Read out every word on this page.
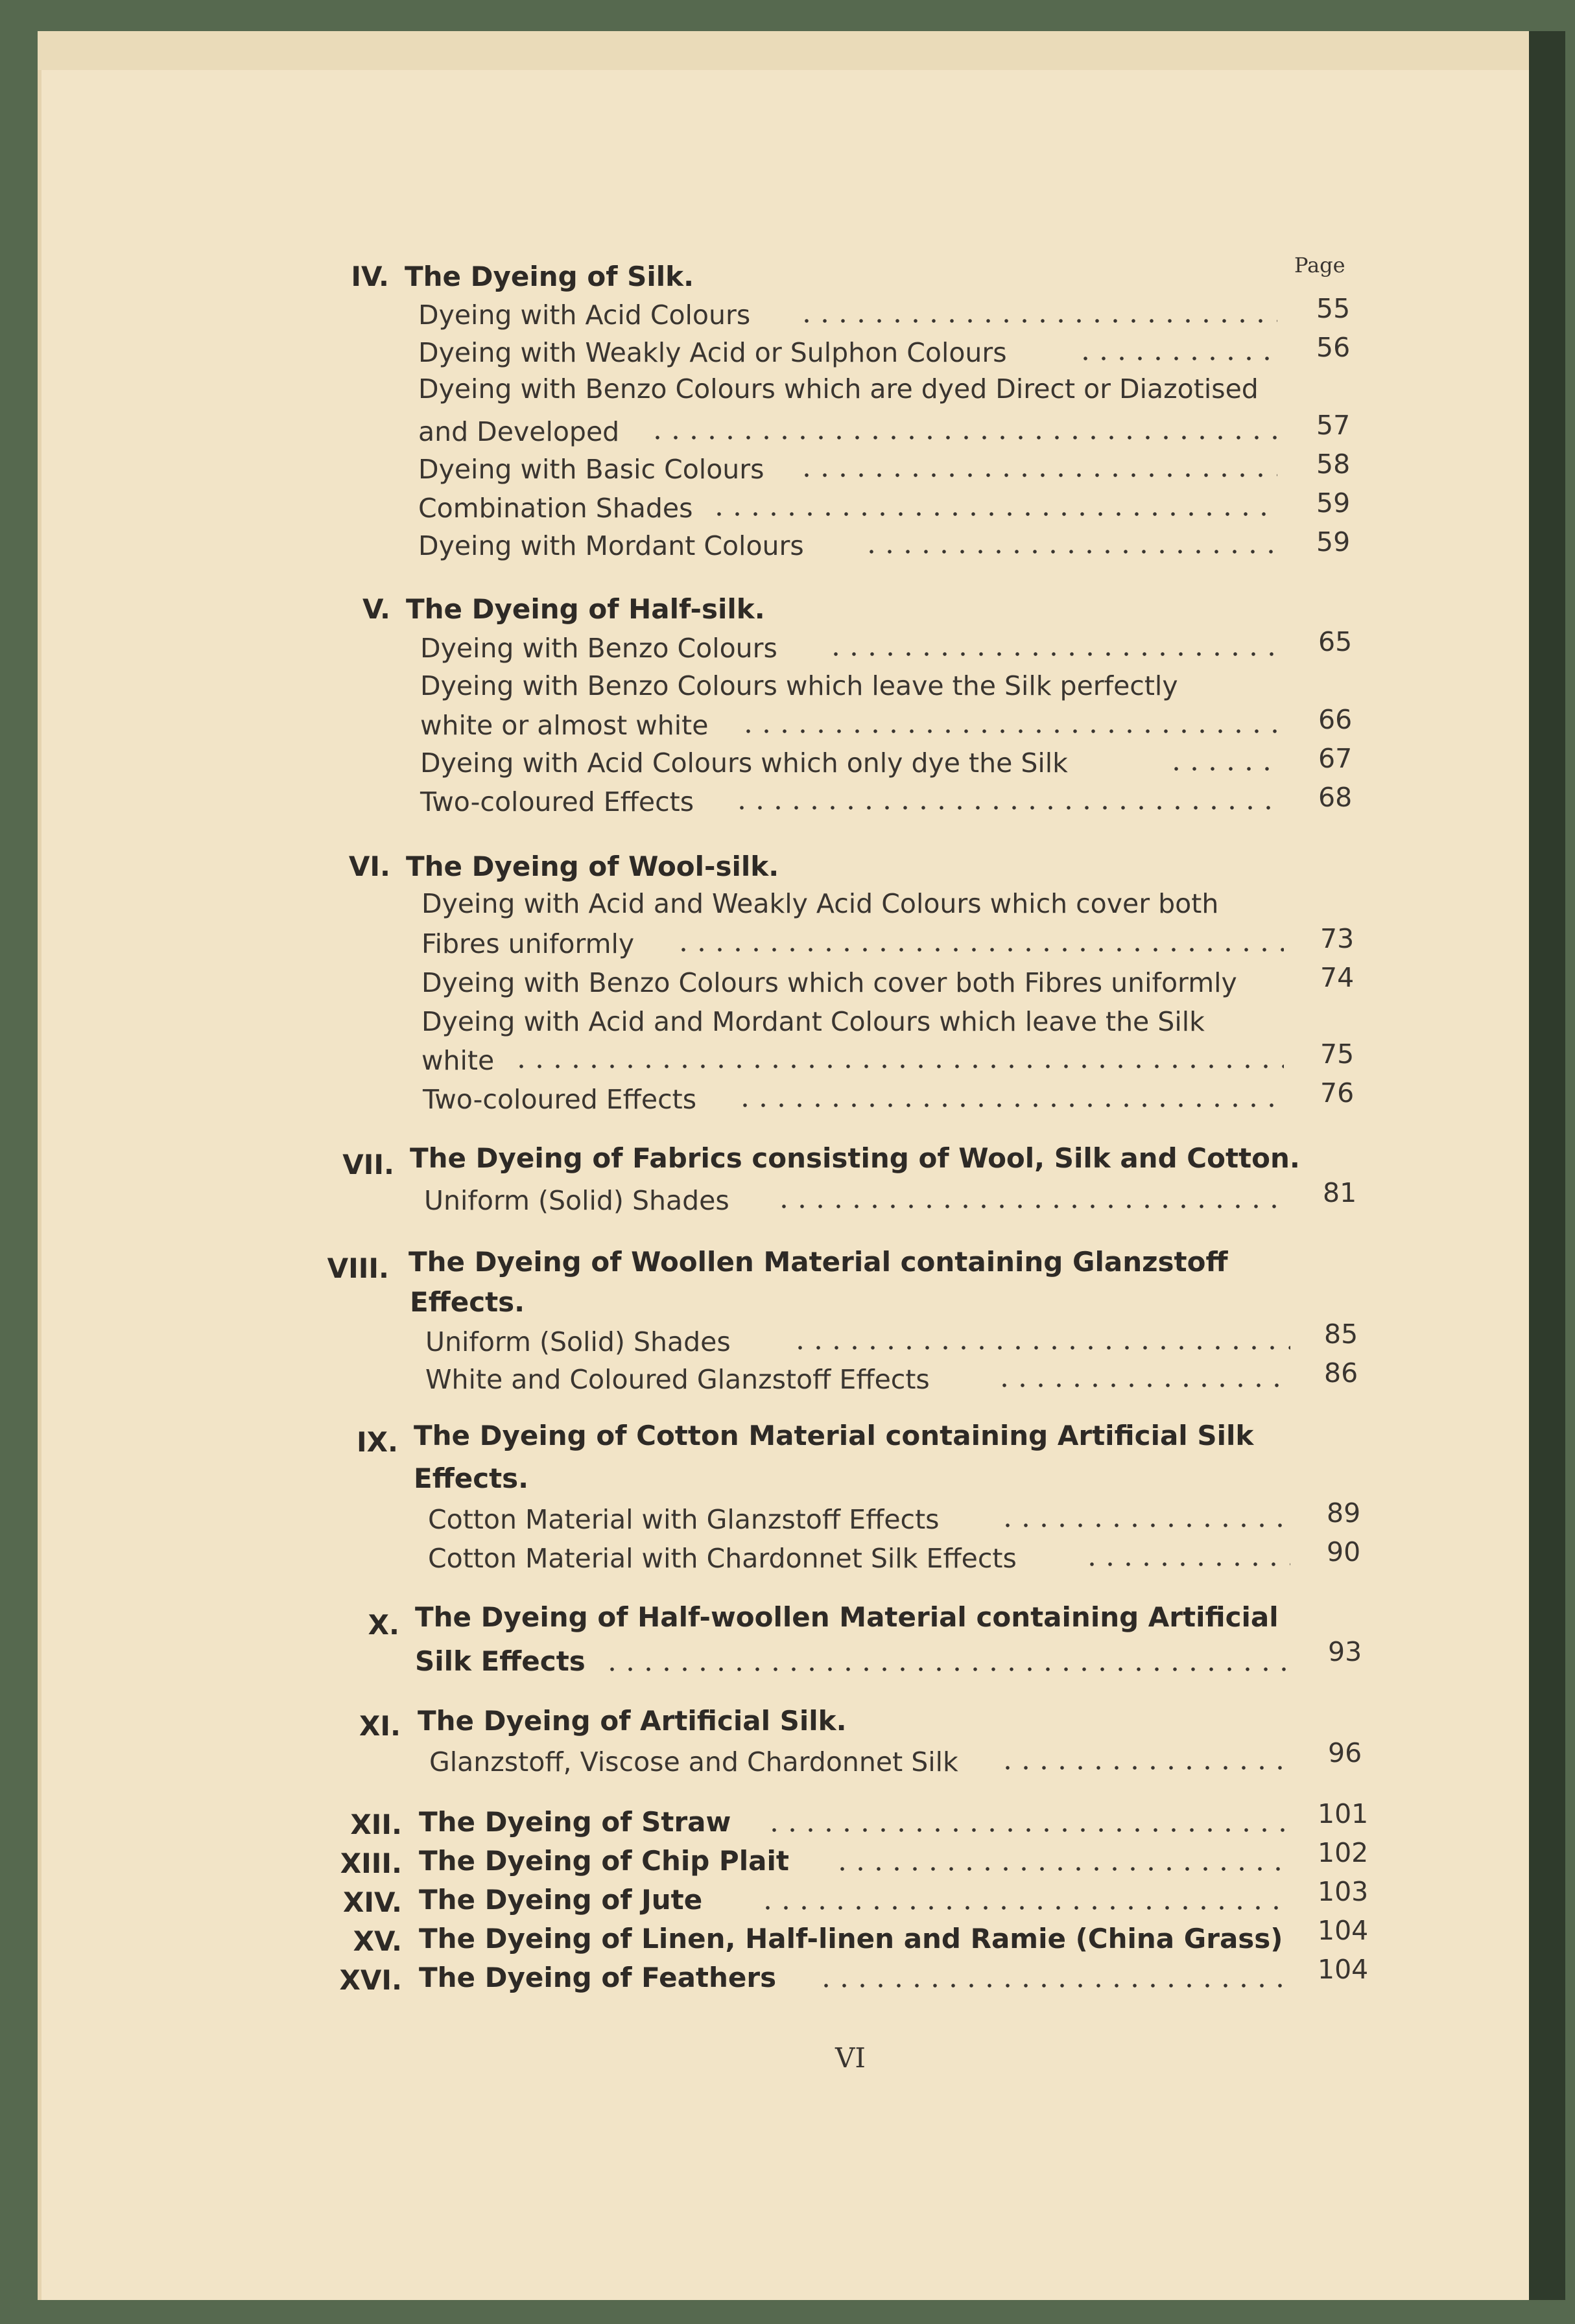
Page
IV. The Dyeing of Silk.
Dyeing with Acid Colours	55
Dyeing with Weakly Acid or Sulphon Colours	56
Dyeing with Benzo Colours which are dyed Direct or Diazotised
and Developed	57
Dyeing with Basic Colours	58
Combination Shades	59
Dyeing with Mordant Colours	59
V. The Dyeing of Half-silk.
Dyeing with Benzo Colours	65
Dyeing with Benzo Colours which leave the Silk perfectly
white or almost white	66
Dyeing with Acid Colours which only dye the Silk	67
Two-coloured Effects	68
VI. The Dyeing of Wool-silk.
Dyeing with Acid and Weakly Acid Colours which cover both
Fibres uniformly	73
Dyeing with Benzo Colours which cover both Fibres uniformly	74
Dyeing with Acid and Mordant Colours which leave the Silk
white	75
Two-coloured Effects	76
VII. The Dyeing of Fabrics consisting of Wool, Silk and Cotton.
Uniform (Solid) Shades	81
VIII. The Dyeing of Woollen Material containing Glanzstoff
Effects.
Uniform (Solid) Shades	85
White and Coloured Glanzstoff Effects	86
IX. The Dyeing of Cotton Material containing Artificial Silk
Effects.
Cotton Material with Glanzstoff Effects	89
Cotton Material with Chardonnet Silk Effects	90
X. The Dyeing of Half-woollen Material containing Artificial
Silk Effects	93
XI. The Dyeing of Artificial Silk.
Glanzstoff, Viscose and Chardonnet Silk	96
XII. The Dyeing of Straw	101
XIII. The Dyeing of Chip Plait	102
XIV. The Dyeing of Jute	103
XV. The Dyeing of Linen, Half-linen and Ramie (China Grass) 104
XVI. The Dyeing of Feathers	104
VI
